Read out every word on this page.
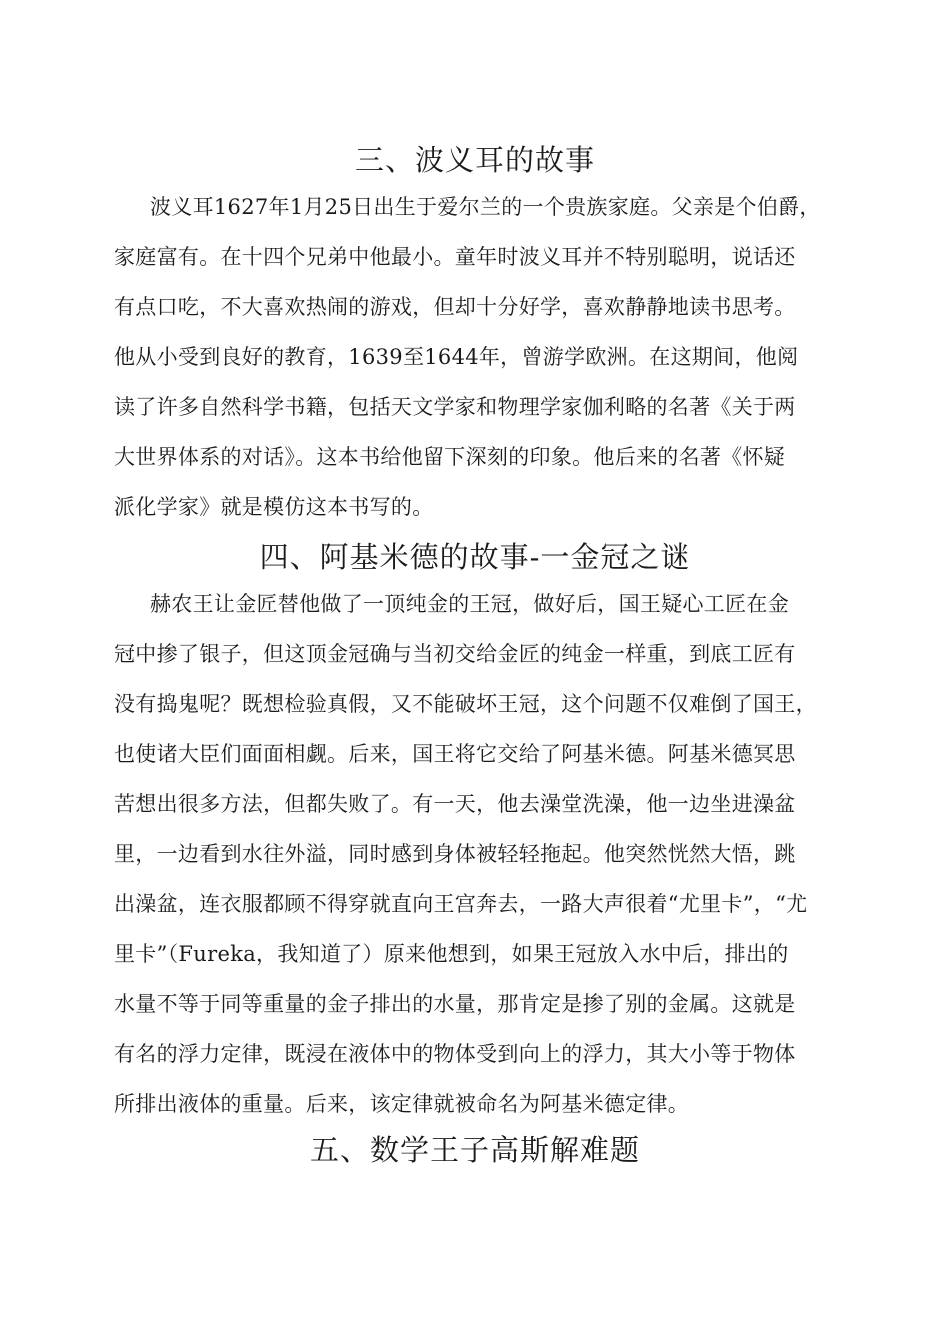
三、波义耳的故事
波义耳1627年1月25日出生于爱尔兰的一个贵族家庭。父亲是个伯爵，
家庭富有。在十四个兄弟中他最小。童年时波义耳并不特别聪明，说话还
有点口吃，不大喜欢热闹的游戏，但却十分好学，喜欢静静地读书思考。
他从小受到良好的教育，1639至1644年，曾游学欧洲。在这期间，他阅
读了许多自然科学书籍，包括天文学家和物理学家伽利略的名著《关于两
大世界体系的对话》。这本书给他留下深刻的印象。他后来的名著《怀疑
派化学家》就是模仿这本书写的。
四、阿基米德的故事-一金冠之谜
赫农王让金匠替他做了一顶纯金的王冠，做好后，国王疑心工匠在金
冠中掺了银子，但这顶金冠确与当初交给金匠的纯金一样重，到底工匠有
没有捣鬼呢？既想检验真假，又不能破坏王冠，这个问题不仅难倒了国王，
也使诸大臣们面面相觑。后来，国王将它交给了阿基米德。阿基米德冥思
苦想出很多方法，但都失败了。有一天，他去澡堂洗澡，他一边坐进澡盆
里，一边看到水往外溢，同时感到身体被轻轻拖起。他突然恍然大悟，跳
出澡盆，连衣服都顾不得穿就直向王宫奔去，一路大声很着“尤里卡”，“尤
里卡”（Fureka，我知道了）原来他想到，如果王冠放入水中后，排出的
水量不等于同等重量的金子排出的水量，那肯定是掺了别的金属。这就是
有名的浮力定律，既浸在液体中的物体受到向上的浮力，其大小等于物体
所排出液体的重量。后来，该定律就被命名为阿基米德定律。
五、数学王子高斯解难题
